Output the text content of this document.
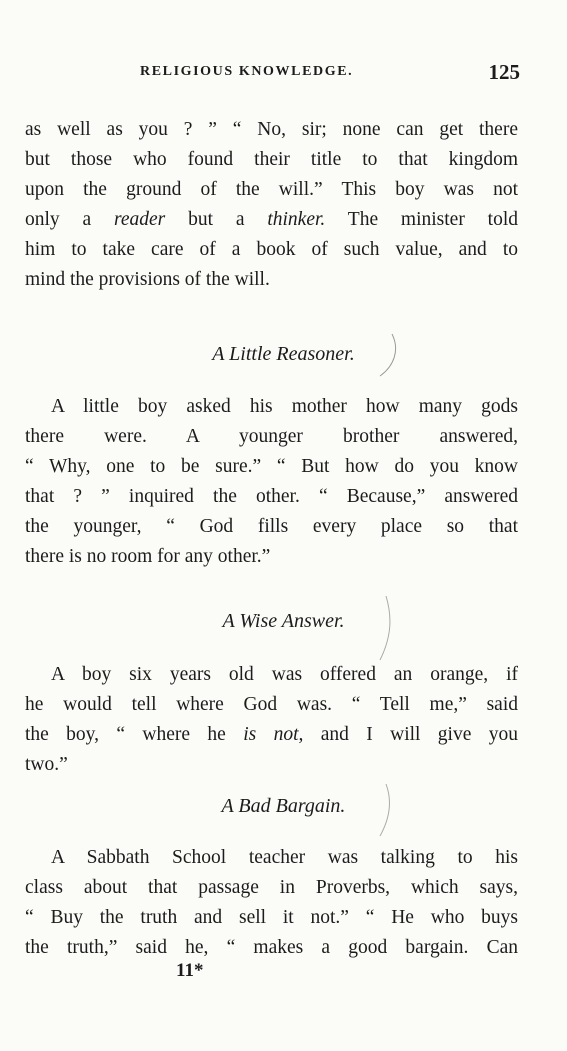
RELIGIOUS KNOWLEDGE.	125
as well as you ? ” “ No, sir; none can get there
but those who found their title to that kingdom
upon the ground of the will.” This boy was not
only a reader but a thinker. The minister told
him to take care of a book of such value, and to
mind the provisions of the will.
A Little Reasoner.
A little boy asked his mother how many gods
there were. A younger brother answered,
“ Why, one to be sure.” “ But how do you know
that ? ” inquired the other. “ Because,” answered
the younger, “ God fills every place so that
there is no room for any other.”
A Wise Answer.
A boy six years old was offered an orange, if
he would tell where God was. “ Tell me,” said
the boy, “ where he is not, and I will give you
two.”
A Bad Bargain.
A Sabbath School teacher was talking to his
class about that passage in Proverbs, which says,
“ Buy the truth and sell it not.” “ He who buys
the truth,” said he, “ makes a good bargain. Can
11*
